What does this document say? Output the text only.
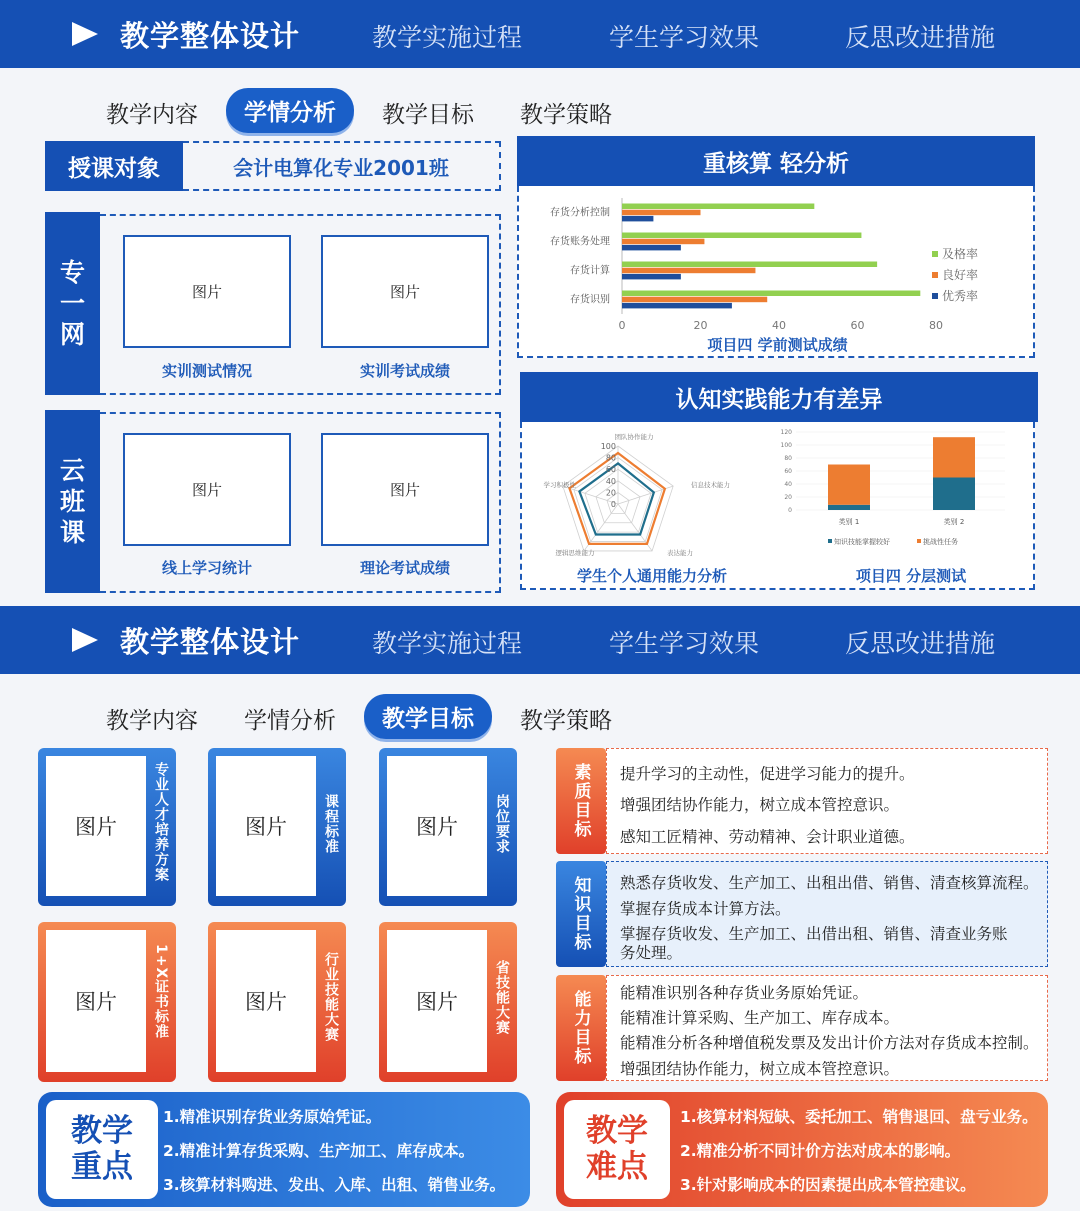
教学整体设计	教学实施过程	学生学习效果	反思改进措施
教学内容	学情分析	教学目标 教学策略
授课对象	会计电算化专业2001班
专
一
网
图片	图片
实训测试情况	实训考试成绩
云
班
课
图片	图片
线上学习统计	理论考试成绩
重核算 轻分析
存货分析控制
存货账务处理
存货计算
存货识别
0	20	40	60	80
及格率
良好率
优秀率
项目四 学前测试成绩
认知实践能力有差异
0
20
40
60
80
100
团队协作能力
信息技术能力
表达能力
逻辑思维能力
学习积极性
0
20
40
60
80
100
120
类别 1	类别 2
知识技能掌握较好	挑战性任务
学生个人通用能力分析	项目四 分层测试
教学整体设计	教学实施过程	学生学习效果	反思改进措施
教学内容 学情分析	教学目标	教学策略
图片	专业人才培养方案	图片	课程标准	图片	岗位要求
图片	1+X证书标准	图片	行业技能大赛	图片	省技能大赛
素质目标	提升学习的主动性，促进学习能力的提升。
增强团结协作能力，树立成本管控意识。
感知工匠精神、劳动精神、会计职业道德。
知识目标	熟悉存货收发、生产加工、出租出借、销售、清查核算流程。
掌握存货成本计算方法。
掌握存货收发、生产加工、出借出租、销售、清查业务账
务处理。
能力目标	能精准识别各种存货业务原始凭证。
能精准计算采购、生产加工、库存成本。
能精准分析各种增值税发票及发出计价方法对存货成本控制。
增强团结协作能力，树立成本管控意识。
教学
重点
1.精准识别存货业务原始凭证。
2.精准计算存货采购、生产加工、库存成本。
3.核算材料购进、发出、入库、出租、销售业务。
教学
难点
1.核算材料短缺、委托加工、销售退回、盘亏业务。
2.精准分析不同计价方法对成本的影响。
3.针对影响成本的因素提出成本管控建议。
